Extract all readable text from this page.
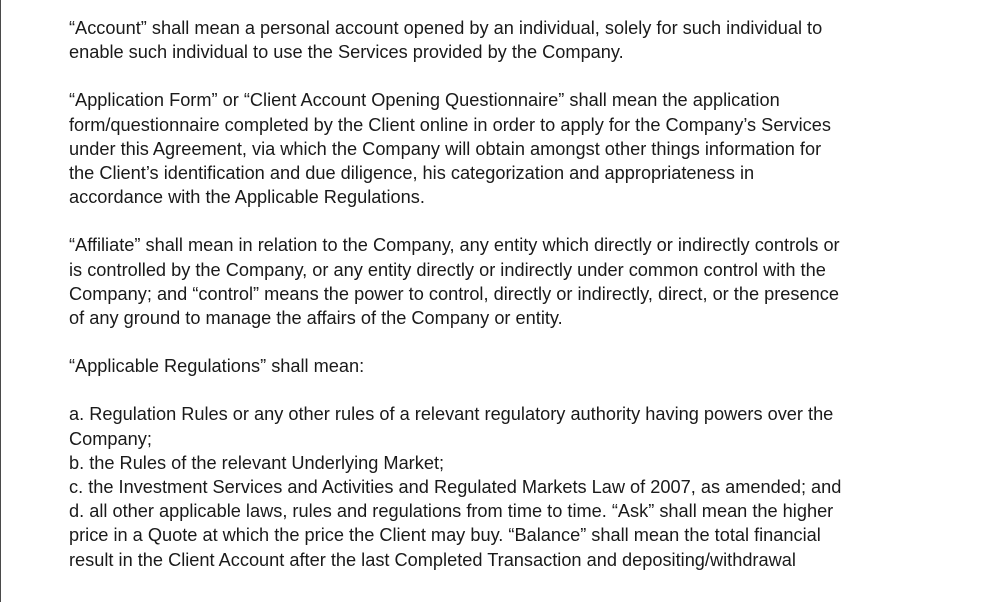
“Account” shall mean a personal account opened by an individual, solely for such individual to
enable such individual to use the Services provided by the Company.

“Application Form” or “Client Account Opening Questionnaire” shall mean the application
form/questionnaire completed by the Client online in order to apply for the Company’s Services
under this Agreement, via which the Company will obtain amongst other things information for
the Client’s identification and due diligence, his categorization and appropriateness in
accordance with the Applicable Regulations.

“Affiliate” shall mean in relation to the Company, any entity which directly or indirectly controls or
is controlled by the Company, or any entity directly or indirectly under common control with the
Company; and “control” means the power to control, directly or indirectly, direct, or the presence
of any ground to manage the affairs of the Company or entity.

“Applicable Regulations” shall mean:

a. Regulation Rules or any other rules of a relevant regulatory authority having powers over the
Company;
b. the Rules of the relevant Underlying Market;
c. the Investment Services and Activities and Regulated Markets Law of 2007, as amended; and
d. all other applicable laws, rules and regulations from time to time. “Ask” shall mean the higher
price in a Quote at which the price the Client may buy. “Balance” shall mean the total financial
result in the Client Account after the last Completed Transaction and depositing/withdrawal
